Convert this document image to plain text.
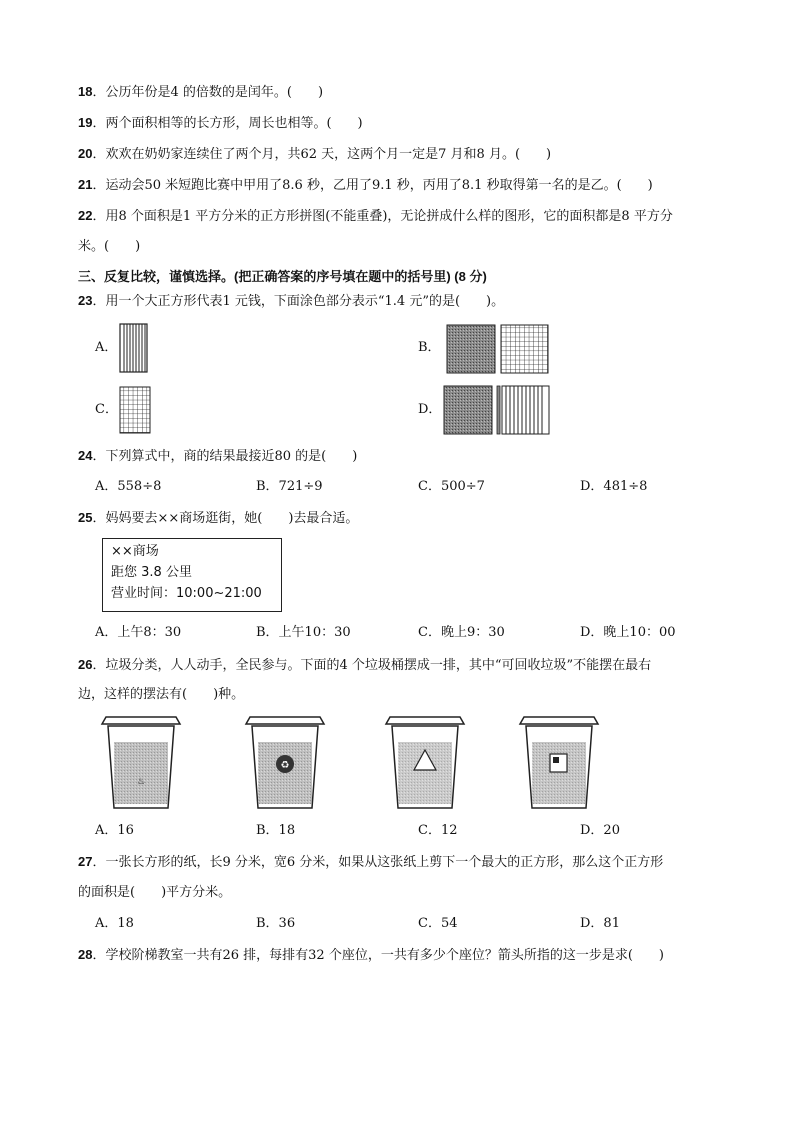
18．公历年份是4 的倍数的是闰年。(　　)
19．两个面积相等的长方形，周长也相等。(　　)
20．欢欢在奶奶家连续住了两个月，共62 天，这两个月一定是7 月和8 月。(　　)
21．运动会50 米短跑比赛中甲用了8.6 秒，乙用了9.1 秒，丙用了8.1 秒取得第一名的是乙。(　　)
22．用8 个面积是1 平方分米的正方形拼图(不能重叠)，无论拼成什么样的图形，它的面积都是8 平方分
米。(　　)
三、反复比较，谨慎选择。(把正确答案的序号填在题中的括号里) (8 分)
23．用一个大正方形代表1 元钱，下面涂色部分表示“1.4 元”的是(　　)。
A．	B．
C．	D．
24．下列算式中，商的结果最接近80 的是(　　)
A．558÷8	B．721÷9	C．500÷7	D．481÷8
25．妈妈要去××商场逛街，她(　　)去最合适。
××商场
距您 3.8 公里
营业时间：10:00~21:00
A．上午8：30	B．上午10：30	C．晚上9：30	D．晚上10：00
26．垃圾分类，人人动手，全民参与。下面的4 个垃圾桶摆成一排，其中“可回收垃圾”不能摆在最右
边，这样的摆法有(　　)种。
♨
♻
A．16	B．18	C．12	D．20
27．一张长方形的纸，长9 分米，宽6 分米，如果从这张纸上剪下一个最大的正方形，那么这个正方形
的面积是(　　)平方分米。
A．18	B．36	C．54	D．81
28．学校阶梯教室一共有26 排，每排有32 个座位，一共有多少个座位？箭头所指的这一步是求(　　)
